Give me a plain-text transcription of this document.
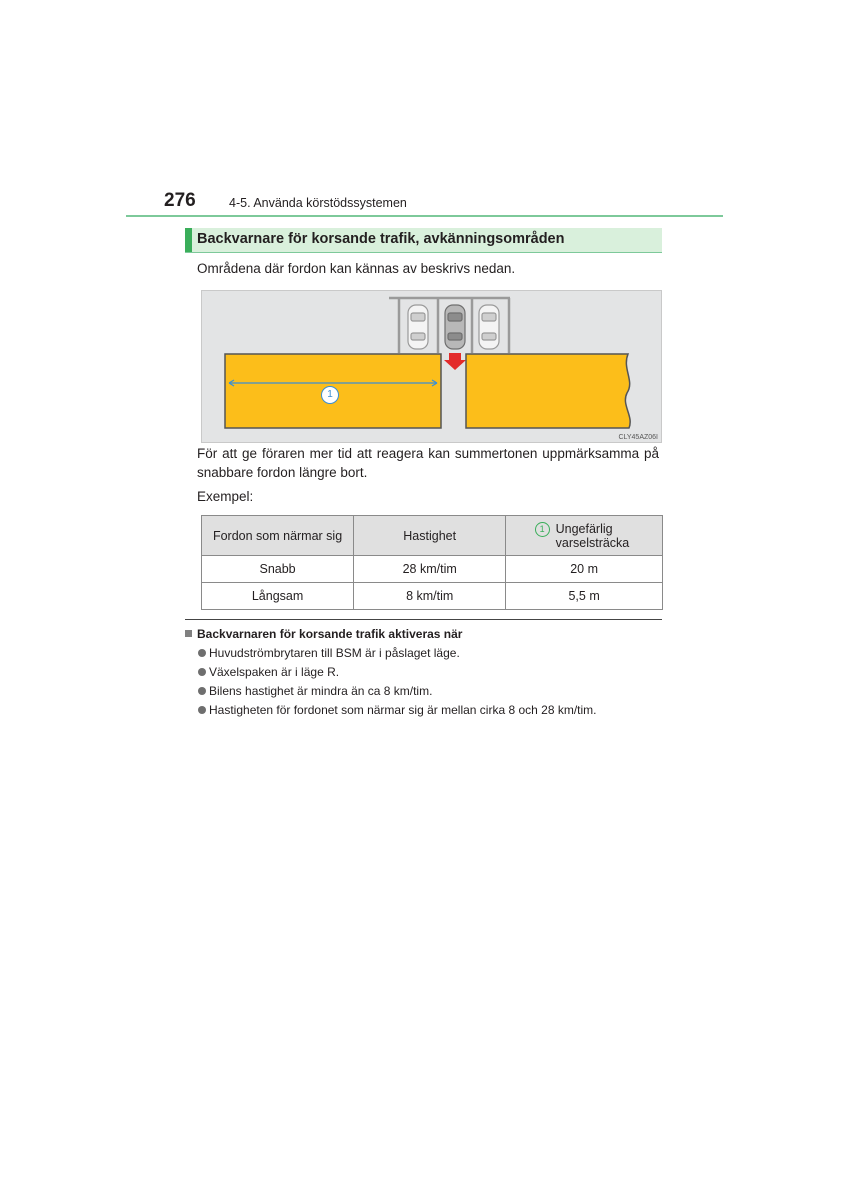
276	4-5. Använda körstödssystemen
Backvarnare för korsande trafik, avkänningsområden
Områdena där fordon kan kännas av beskrivs nedan.
1
CLY45AZ06I
För att ge föraren mer tid att reagera kan summertonen uppmärksamma på snabbare fordon längre bort.
Exempel:
Fordon som närmar sig	Hastighet	1 Ungefärlig varselsträcka

Snabb	28 km/tim	20 m
Långsam	8 km/tim	5,5 m
Backvarnaren för korsande trafik aktiveras när
Huvudströmbrytaren till BSM är i påslaget läge.
Växelspaken är i läge R.
Bilens hastighet är mindra än ca 8 km/tim.
Hastigheten för fordonet som närmar sig är mellan cirka 8 och 28 km/tim.
